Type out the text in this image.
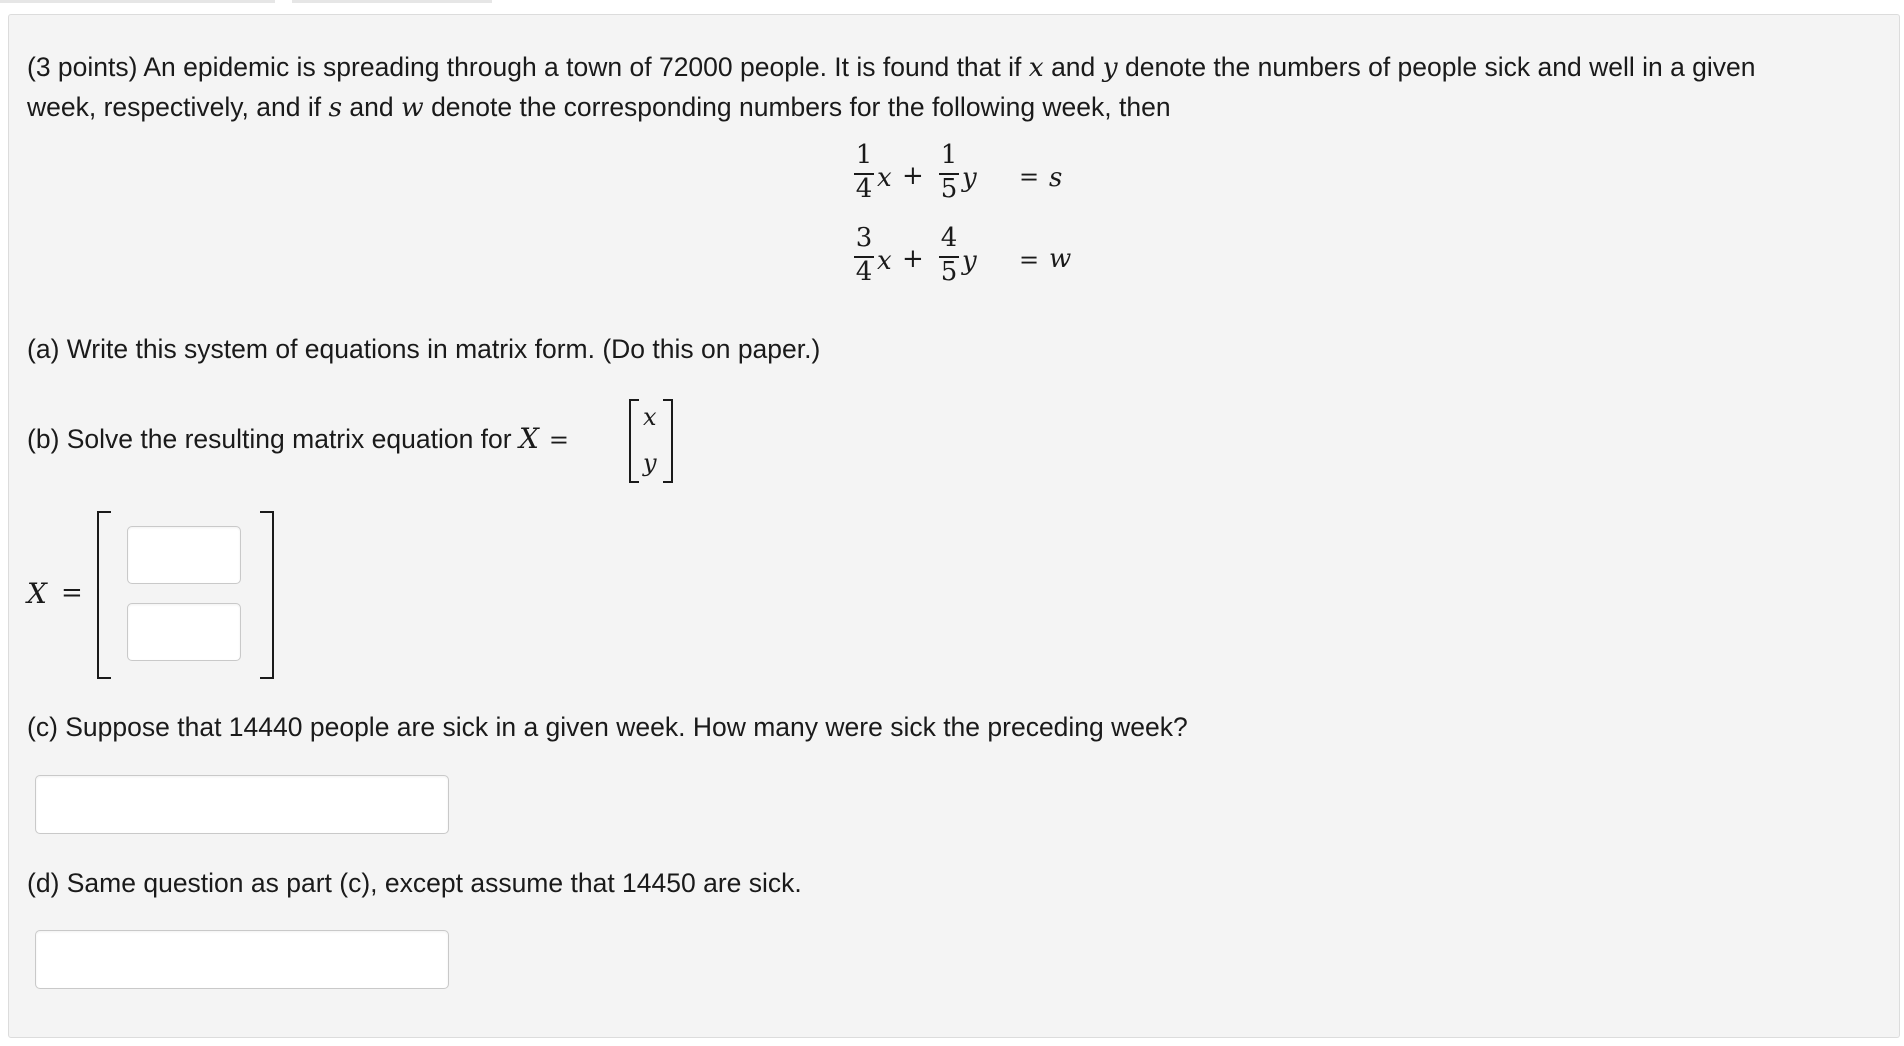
(3 points) An epidemic is spreading through a town of 72000 people. It is found that if x and y denote the numbers of people sick and well in a given
week, respectively, and if s and w denote the corresponding numbers for the following week, then
1
4 x +
1
5 y = s
3
4 x +
4
5 y = w
(a) Write this system of equations in matrix form. (Do this on paper.)
(b) Solve the resulting matrix equation for X =
x
y
X =
(c) Suppose that 14440 people are sick in a given week. How many were sick the preceding week?
(d) Same question as part (c), except assume that 14450 are sick.
